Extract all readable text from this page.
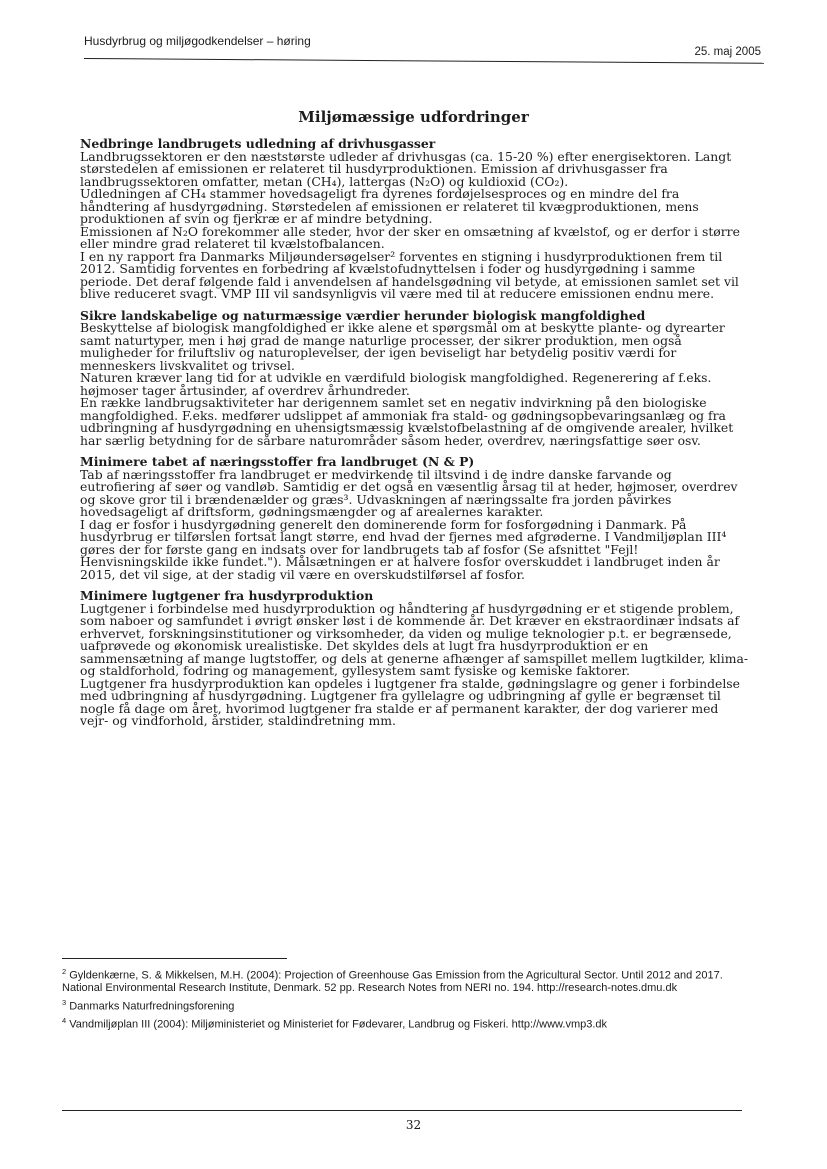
Husdyrbrug og miljøgodkendelser – høring
25. maj 2005
Miljømæssige udfordringer
Nedbringe landbrugets udledning af drivhusgasser

Landbrugssektoren er den næststørste udleder af drivhusgas (ca. 15-20 %) efter energisektoren. Langt størstedelen af emissionen er relateret til husdyrproduktionen. Emission af drivhusgasser fra landbrugssektoren omfatter, metan (CH₄), lattergas (N₂O) og kuldioxid (CO₂).

Udledningen af CH₄ stammer hovedsageligt fra dyrenes fordøjelsesproces og en mindre del fra håndtering af husdyrgødning. Størstedelen af emissionen er relateret til kvægproduktionen, mens produktionen af svin og fjerkræ er af mindre betydning.

Emissionen af N₂O forekommer alle steder, hvor der sker en omsætning af kvælstof, og er derfor i større eller mindre grad relateret til kvælstofbalancen.

I en ny rapport fra Danmarks Miljøundersøgelser² forventes en stigning i husdyrproduktionen frem til 2012. Samtidig forventes en forbedring af kvælstofudnyttelsen i foder og husdyrgødning i samme periode. Det deraf følgende fald i anvendelsen af handelsgødning vil betyde, at emissionen samlet set vil blive reduceret svagt. VMP III vil sandsynligvis vil være med til at reducere emissionen endnu mere.

Sikre landskabelige og naturmæssige værdier herunder biologisk mangfoldighed

Beskyttelse af biologisk mangfoldighed er ikke alene et spørgsmål om at beskytte plante- og dyrearter samt naturtyper, men i høj grad de mange naturlige processer, der sikrer produktion, men også muligheder for friluftsliv og naturoplevelser, der igen beviseligt har betydelig positiv værdi for menneskers livskvalitet og trivsel.

Naturen kræver lang tid for at udvikle en værdifuld biologisk mangfoldighed. Regenerering af f.eks. højmoser tager årtusinder, af overdrev århundreder.

En række landbrugsaktiviteter har derigennem samlet set en negativ indvirkning på den biologiske mangfoldighed. F.eks. medfører udslippet af ammoniak fra stald- og gødningsopbevaringsanlæg og fra udbringning af husdyrgødning en uhensigtsmæssig kvælstofbelastning af de omgivende arealer, hvilket har særlig betydning for de sårbare naturområder såsom heder, overdrev, næringsfattige søer osv.

Minimere tabet af næringsstoffer fra landbruget (N & P)

Tab af næringsstoffer fra landbruget er medvirkende til iltsvind i de indre danske farvande og eutrofiering af søer og vandløb. Samtidig er det også en væsentlig årsag til at heder, højmoser, overdrev og skove gror til i brændenælder og græs³. Udvaskningen af næringssalte fra jorden påvirkes hovedsageligt af driftsform, gødningsmængder og af arealernes karakter.

I dag er fosfor i husdyrgødning generelt den dominerende form for fosforgødning i Danmark. På husdyrbrug er tilførslen fortsat langt større, end hvad der fjernes med afgrøderne. I Vandmiljøplan III⁴ gøres der for første gang en indsats over for landbrugets tab af fosfor (Se afsnittet "Fejl! Henvisningskilde ikke fundet."). Målsætningen er at halvere fosfor overskuddet i landbruget inden år 2015, det vil sige, at der stadig vil være en overskudstilførsel af fosfor.

Minimere lugtgener fra husdyrproduktion

Lugtgener i forbindelse med husdyrproduktion og håndtering af husdyrgødning er et stigende problem, som naboer og samfundet i øvrigt ønsker løst i de kommende år. Det kræver en ekstraordinær indsats af erhvervet, forskningsinstitutioner og virksomheder, da viden og mulige teknologier p.t. er begrænsede, uafprøvede og økonomisk urealistiske. Det skyldes dels at lugt fra husdyrproduktion er en sammensætning af mange lugtstoffer, og dels at generne afhænger af samspillet mellem lugtkilder, klima- og staldforhold, fodring og management, gyllesystem samt fysiske og kemiske faktorer.

Lugtgener fra husdyrproduktion kan opdeles i lugtgener fra stalde, gødningslagre og gener i forbindelse med udbringning af husdyrgødning. Lugtgener fra gyllelagre og udbringning af gylle er begrænset til nogle få dage om året, hvorimod lugtgener fra stalde er af permanent karakter, der dog varierer med vejr- og vindforhold, årstider, staldindretning mm.

$^2$ Gyldenkærne, S. & Mikkelsen, M.H. (2004): Projection of Greenhouse Gas Emission from the Agricultural Sector. Until 2012 and 2017. National Environmental Research Institute, Denmark. 52 pp. Research Notes from NERI no. 194. http://research-notes.dmu.dk
$^3$ Danmarks Naturfredningsforening
$^4$ Vandmiljøplan III (2004): Miljøministeriet og Ministeriet for Fødevarer, Landbrug og Fiskeri. http://www.vmp3.dk
32
